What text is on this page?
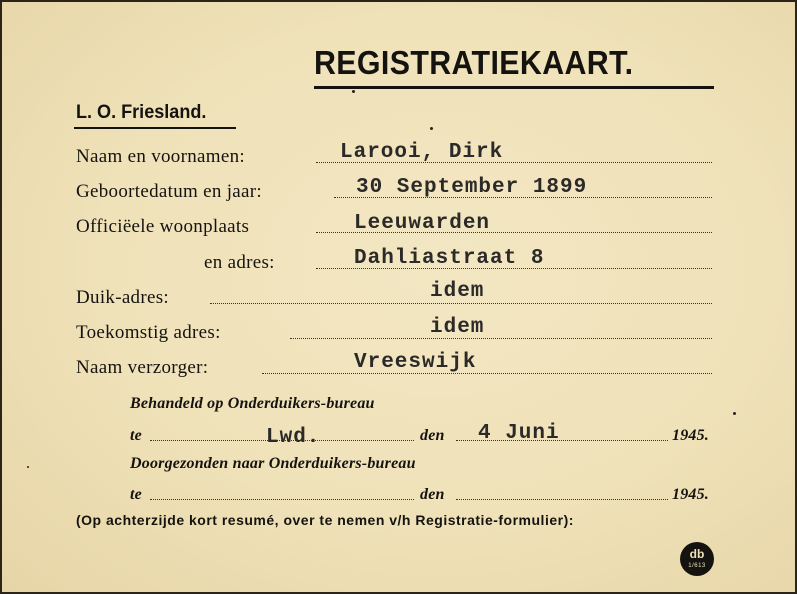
REGISTRATIEKAART.
L. O. Friesland.
Naam en voornamen:	Larooi, Dirk
Geboortedatum en jaar:	30 September 1899
Officiëele woonplaats	Leeuwarden
en adres:	Dahliastraat 8
Duik-adres:	idem
Toekomstig adres:	idem
Naam verzorger:	Vreeswijk
Behandeld op Onderduikers-bureau
te	Lwd.	den 4 Juni	1945.
Doorgezonden naar Onderduikers-bureau
te	den	1945.
(Op achterzijde kort resumé, over te nemen v/h Registratie-formulier):
db
1/613
